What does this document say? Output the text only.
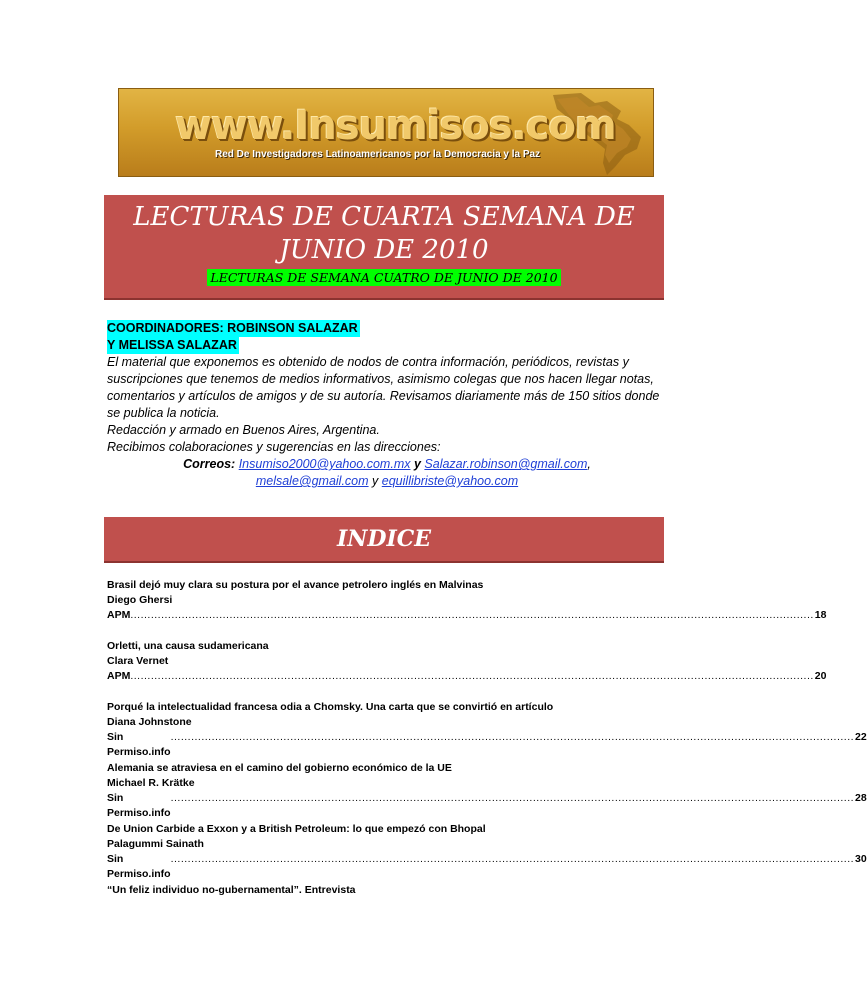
www.Insumisos.com
Red De Investigadores Latinoamericanos por la Democracia y la Paz
LECTURAS DE CUARTA SEMANA DE JUNIO DE 2010
LECTURAS DE SEMANA CUATRO DE JUNIO DE 2010
COORDINADORES: ROBINSON SALAZAR
Y MELISSA SALAZAR

El material que exponemos es obtenido de nodos de contra información, periódicos, revistas y suscripciones que tenemos de medios informativos, asimismo colegas que nos hacen llegar notas, comentarios y artículos de amigos y de su autoría. Revisamos diariamente más de 150 sitios donde se publica la noticia.

Redacción y armado en Buenos Aires, Argentina.

Recibimos colaboraciones y sugerencias en las direcciones:

Correos: Insumiso2000@yahoo.com.mx y Salazar.robinson@gmail.com,
melsale@gmail.com y equillibriste@yahoo.com
INDICE
Brasil dejó muy clara su postura por el avance petrolero inglés en Malvinas
Diego Ghersi
APM ........................................................................................................................................................................................................ 18
Orletti, una causa sudamericana
Clara Vernet
APM ........................................................................................................................................................................................................ 20
Porqué la intelectualidad francesa odia a Chomsky. Una carta que se convirtió en artículo
Diana Johnstone
Sin Permiso.info
........................................................................................................................................................................................................ 22
Alemania se atraviesa en el camino del gobierno económico de la UE
Michael R. Krätke
Sin Permiso.info
........................................................................................................................................................................................................ 28
De Union Carbide a Exxon y a British Petroleum: lo que empezó con Bhopal
Palagummi Sainath
Sin Permiso.info
........................................................................................................................................................................................................ 30
“Un feliz individuo no-gubernamental”. Entrevista
